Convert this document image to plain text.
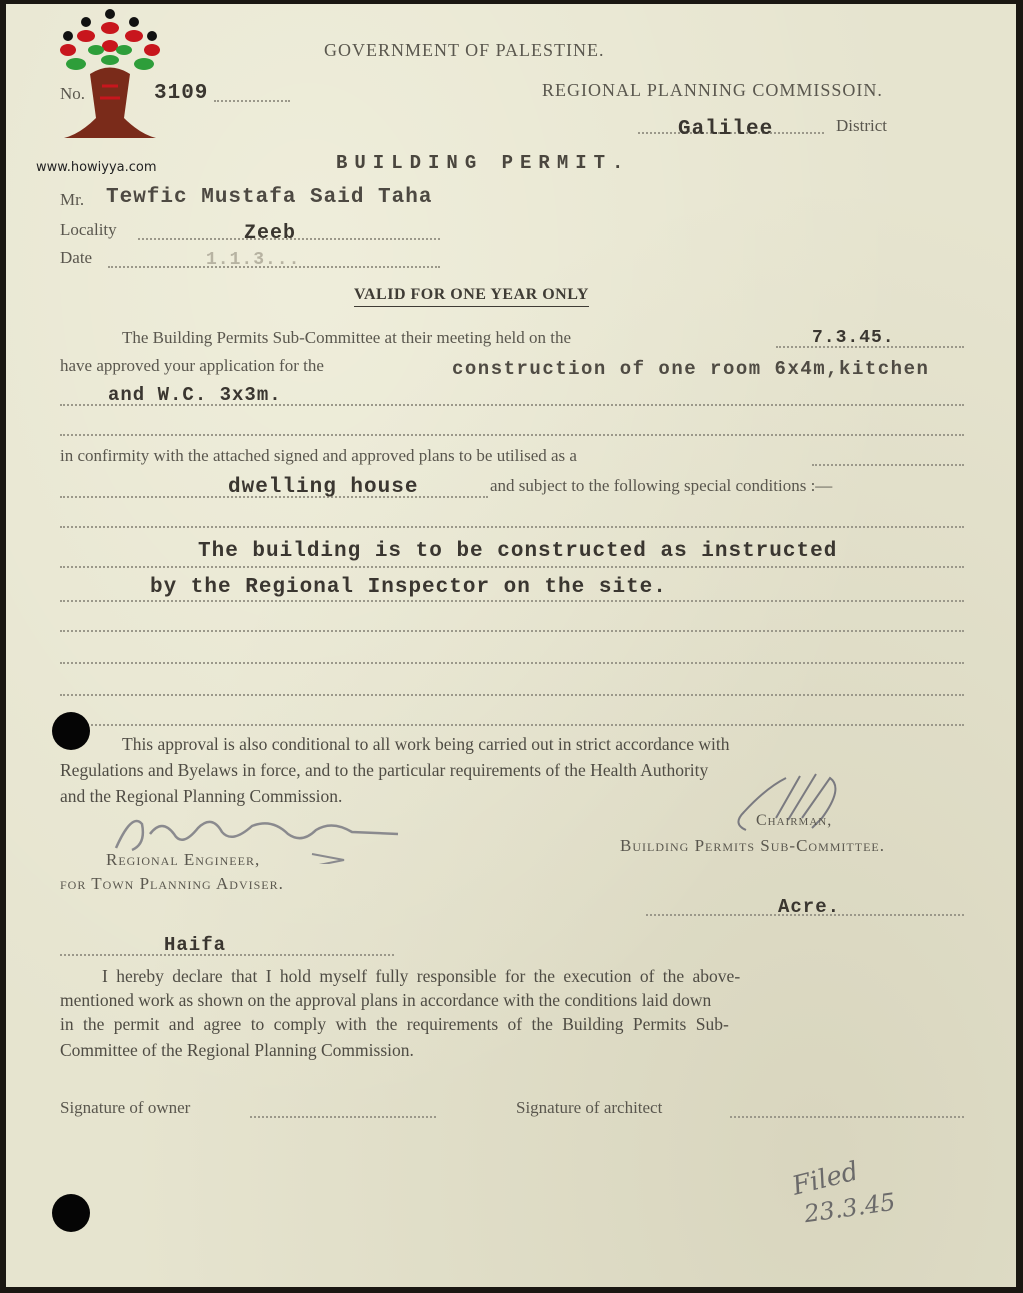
www.howiyya.com
GOVERNMENT OF PALESTINE.
No.	3109	REGIONAL PLANNING COMMISSOIN.
Galilee	District
BUILDING PERMIT.
Mr. Tewfic Mustafa Said Taha
Locality	Zeeb
Date	1.1.3...
VALID FOR ONE YEAR ONLY
The Building Permits Sub-Committee at their meeting held on the	7.3.45.
have approved your application for the	construction of one room 6x4m,kitchen
and W.C. 3x3m.
in confirmity with the attached signed and approved plans to be utilised as a
dwelling house	and subject to the following special conditions :—
The building is to be constructed as instructed
by the Regional Inspector on the site.
This approval is also conditional to all work being carried out in strict accordance with
Regulations and Byelaws in force, and to the particular requirements of the Health Authority
and the Regional Planning Commission.
Regional Engineer,
for Town Planning Adviser.
Chairman,
Building Permits Sub-Committee.
Acre.
Haifa
I hereby declare that I hold myself fully responsible for the execution of the above-
mentioned work as shown on the approval plans in accordance with the conditions laid down
in the permit and agree to comply with the requirements of the Building Permits Sub-
Committee of the Regional Planning Commission.
Signature of owner	Signature of architect
Filed
23.3.45
